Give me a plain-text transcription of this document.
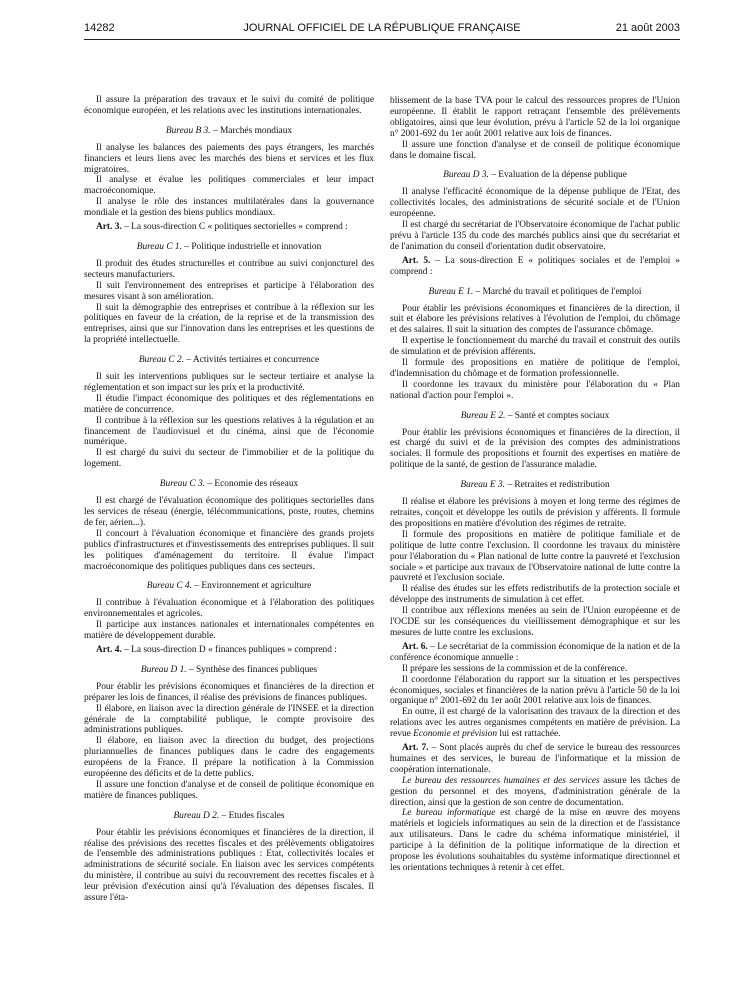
14282	JOURNAL OFFICIEL DE LA RÉPUBLIQUE FRANÇAISE	21 août 2003

Il assure la préparation des travaux et le suivi du comité de politique économique européen, et les relations avec les institutions internationales.

Bureau B 3. – Marchés mondiaux

Il analyse les balances des paiements des pays étrangers, les marchés financiers et leurs liens avec les marchés des biens et services et les flux migratoires.

Il analyse et évalue les politiques commerciales et leur impact macroéconomique.

Il analyse le rôle des instances multilatérales dans la gouvernance mondiale et la gestion des biens publics mondiaux.

Art. 3. – La sous-direction C « politiques sectorielles » comprend :

Bureau C 1. – Politique industrielle et innovation

Il produit des études structurelles et contribue au suivi conjoncturel des secteurs manufacturiers.

Il suit l'environnement des entreprises et participe à l'élaboration des mesures visant à son amélioration.

Il suit la démographie des entreprises et contribue à la réflexion sur les politiques en faveur de la création, de la reprise et de la transmission des entreprises, ainsi que sur l'innovation dans les entreprises et les questions de la propriété intellectuelle.

Bureau C 2. – Activités tertiaires et concurrence

Il suit les interventions publiques sur le secteur tertiaire et analyse la réglementation et son impact sur les prix et la productivité.

Il étudie l'impact économique des politiques et des réglementations en matière de concurrence.

Il contribue à la réflexion sur les questions relatives à la régulation et au financement de l'audiovisuel et du cinéma, ainsi que de l'économie numérique.

Il est chargé du suivi du secteur de l'immobilier et de la politique du logement.

Bureau C 3. – Economie des réseaux

Il est chargé de l'évaluation économique des politiques sectorielles dans les services de réseau (énergie, télécommunications, poste, routes, chemins de fer, aérien...).

Il concourt à l'évaluation économique et financière des grands projets publics d'infrastructures et d'investissements des entreprises publiques. Il suit les politiques d'aménagement du territoire. Il évalue l'impact macroéconomique des politiques publiques dans ces secteurs.

Bureau C 4. – Environnement et agriculture

Il contribue à l'évaluation économique et à l'élaboration des politiques environnementales et agricoles.

Il participe aux instances nationales et internationales compétentes en matière de développement durable.

Art. 4. – La sous-direction D « finances publiques » comprend :

Bureau D 1. – Synthèse des finances publiques

Pour établir les prévisions économiques et financières de la direction et préparer les lois de finances, il réalise des prévisions de finances publiques.

Il élabore, en liaison avec la direction générale de l'INSEE et la direction générale de la comptabilité publique, le compte provisoire des administrations publiques.

Il élabore, en liaison avec la direction du budget, des projections pluriannuelles de finances publiques dans le cadre des engagements européens de la France. Il prépare la notification à la Commission européenne des déficits et de la dette publics.

Il assure une fonction d'analyse et de conseil de politique économique en matière de finances publiques.

Bureau D 2. – Etudes fiscales

Pour établir les prévisions économiques et financières de la direction, il réalise des prévisions des recettes fiscales et des prélèvements obligatoires de l'ensemble des administrations publiques : Etat, collectivités locales et administrations de sécurité sociale. En liaison avec les services compétents du ministère, il contribue au suivi du recouvrement des recettes fiscales et à leur prévision d'exécution ainsi qu'à l'évaluation des dépenses fiscales. Il assure l'éta-

blissement de la base TVA pour le calcul des ressources propres de l'Union européenne. Il établit le rapport retraçant l'ensemble des prélèvements obligatoires, ainsi que leur évolution, prévu à l'article 52 de la loi organique n° 2001-692 du 1er août 2001 relative aux lois de finances.

Il assure une fonction d'analyse et de conseil de politique économique dans le domaine fiscal.

Bureau D 3. – Evaluation de la dépense publique

Il analyse l'efficacité économique de la dépense publique de l'Etat, des collectivités locales, des administrations de sécurité sociale et de l'Union européenne.

Il est chargé du secrétariat de l'Observatoire économique de l'achat public prévu à l'article 135 du code des marchés publics ainsi que du secrétariat et de l'animation du conseil d'orientation dudit observatoire.

Art. 5. – La sous-direction E « politiques sociales et de l'emploi » comprend :

Bureau E 1. – Marché du travail et politiques de l'emploi

Pour établir les prévisions économiques et financières de la direction, il suit et élabore les prévisions relatives à l'évolution de l'emploi, du chômage et des salaires. Il suit la situation des comptes de l'assurance chômage.

Il expertise le fonctionnement du marché du travail et construit des outils de simulation et de prévision afférents.

Il formule des propositions en matière de politique de l'emploi, d'indemnisation du chômage et de formation professionnelle.

Il coordonne les travaux du ministère pour l'élaboration du « Plan national d'action pour l'emploi ».

Bureau E 2. – Santé et comptes sociaux

Pour établir les prévisions économiques et financières de la direction, il est chargé du suivi et de la prévision des comptes des administrations sociales. Il formule des propositions et fournit des expertises en matière de politique de la santé, de gestion de l'assurance maladie.

Bureau E 3. – Retraites et redistribution

Il réalise et élabore les prévisions à moyen et long terme des régimes de retraites, conçoit et développe les outils de prévision y afférents. Il formule des propositions en matière d'évolution des régimes de retraite.

Il formule des propositions en matière de politique familiale et de politique de lutte contre l'exclusion. Il coordonne les travaux du ministère pour l'élaboration du « Plan national de lutte contre la pauvreté et l'exclusion sociale » et participe aux travaux de l'Observatoire national de lutte contre la pauvreté et l'exclusion sociale.

Il réalise des études sur les effets redistributifs de la protection sociale et développe des instruments de simulation à cet effet.

Il contribue aux réflexions menées au sein de l'Union européenne et de l'OCDE sur les conséquences du vieillissement démographique et sur les mesures de lutte contre les exclusions.

Art. 6. – Le secrétariat de la commission économique de la nation et de la conférence économique annuelle :

Il prépare les sessions de la commission et de la conférence.

Il coordonne l'élaboration du rapport sur la situation et les perspectives économiques, sociales et financières de la nation prévu à l'article 50 de la loi organique n° 2001-692 du 1er août 2001 relative aux lois de finances.

En outre, il est chargé de la valorisation des travaux de la direction et des relations avec les autres organismes compétents en matière de prévision. La revue Economie et prévision lui est rattachée.

Art. 7. – Sont placés auprès du chef de service le bureau des ressources humaines et des services, le bureau de l'informatique et la mission de coopération internationale.

Le bureau des ressources humaines et des services assure les tâches de gestion du personnel et des moyens, d'administration générale de la direction, ainsi que la gestion de son centre de documentation.

Le bureau informatique est chargé de la mise en œuvre des moyens matériels et logiciels informatiques au sein de la direction et de l'assistance aux utilisateurs. Dans le cadre du schéma informatique ministériel, il participe à la définition de la politique informatique de la direction et propose les évolutions souhaitables du système informatique directionnel et les orientations techniques à retenir à cet effet.
